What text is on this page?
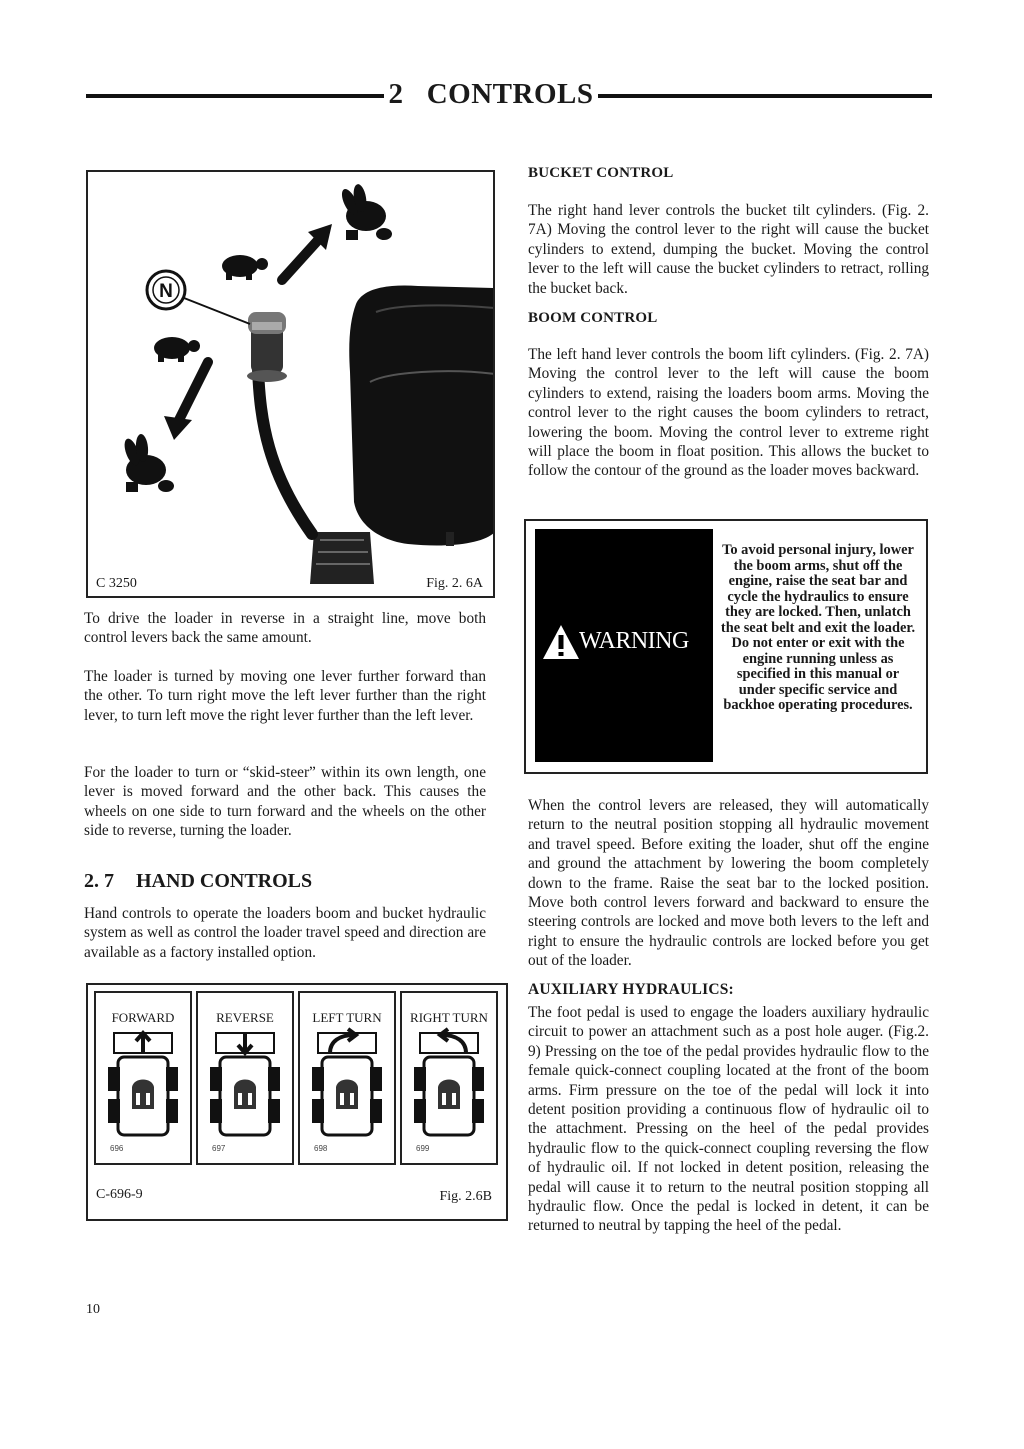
2   CONTROLS
N
C 3250	Fig. 2. 6A

To drive the loader in reverse in a straight line, move both control levers back the same amount.

The loader is turned by moving one lever further forward than the other. To turn right move the left lever further than the right lever, to turn left move the right lever further than the left lever.

For the loader to turn or “skid-steer” within its own length, one lever is moved forward and the other back. This causes the wheels on one side to turn forward and the wheels on the other side to reverse, turning the loader.

2. 7 HAND CONTROLS

Hand controls to operate the loaders boom and bucket hydraulic system as well as control the loader travel speed and direction are available as a factory installed option.

FORWARD
696
REVERSE
697
LEFT TURN
698
RIGHT TURN
699
C-696-9	Fig. 2.6B
BUCKET CONTROL

The right hand lever controls the bucket tilt cylinders. (Fig. 2. 7A) Moving the control lever to the right will cause the bucket cylinders to extend, dumping the bucket. Moving the control lever to the left will cause the bucket cylinders to retract, rolling the bucket back.

BOOM CONTROL

The left hand lever controls the boom lift cylinders. (Fig. 2. 7A) Moving the control lever to the left will cause the boom cylinders to extend, raising the loaders boom arms. Moving the control lever to the right causes the boom cylinders to retract, lowering the boom. Moving the control lever to extreme right will place the boom in float position. This allows the bucket to follow the contour of the ground as the loader moves backward.

WARNING
To avoid personal injury, lower the boom arms, shut off the engine, raise the seat bar and cycle the hydraulics to ensure they are locked. Then, unlatch the seat belt and exit the loader. Do not enter or exit with the engine running unless as specified in this manual or under specific service and backhoe operating procedures.

When the control levers are released, they will automatically return to the neutral position stopping all hydraulic movement and travel speed. Before exiting the loader, shut off the engine and ground the attachment by lowering the boom completely down to the frame. Raise the seat bar to the locked position. Move both control levers forward and backward to ensure the steering controls are locked and move both levers to the left and right to ensure the hydraulic controls are locked before you get out of the loader.

AUXILIARY HYDRAULICS:

The foot pedal is used to engage the loaders auxiliary hydraulic circuit to power an attachment such as a post hole auger. (Fig.2. 9) Pressing on the toe of the pedal provides hydraulic flow to the female quick-connect coupling located at the front of the boom arms. Firm pressure on the toe of the pedal will lock it into detent position providing a continuous flow of hydraulic oil to the attachment. Pressing on the heel of the pedal provides hydraulic flow to the quick-connect coupling reversing the flow of hydraulic oil. If not locked in detent position, releasing the pedal will cause it to return to the neutral position stopping all hydraulic flow. Once the pedal is locked in detent, it can be returned to neutral by tapping the heel of the pedal.

10
